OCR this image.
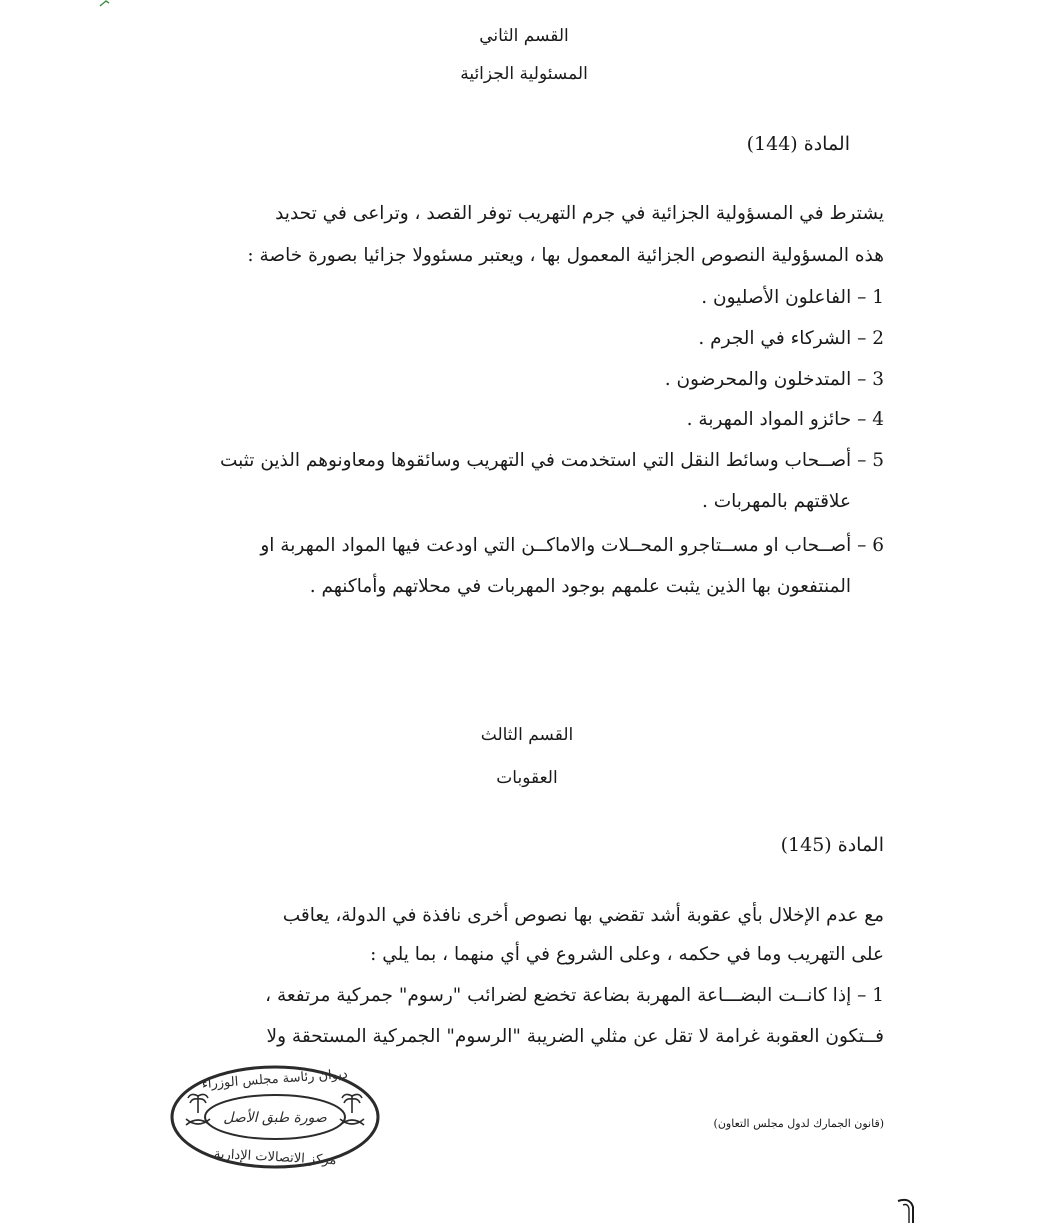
القسم الثاني
المسئولية الجزائية
المادة (144)
يشترط في المسؤولية الجزائية في جرم التهريب توفر القصد ، وتراعى في تحديد
هذه المسؤولية النصوص الجزائية المعمول بها ، ويعتبر مسئوولا جزائيا بصورة خاصة :
1 – الفاعلون الأصليون .
2 – الشركاء في الجرم .
3 – المتدخلون والمحرضون .
4 – حائزو المواد المهربة .
5 – أصــحاب وسائط النقل التي استخدمت في التهريب وسائقوها ومعاونوهم الذين تثبت
علاقتهم بالمهربات .
6 – أصــحاب او مســتاجرو المحــلات والاماكــن التي اودعت فيها المواد المهربة او
المنتفعون بها الذين يثبت علمهم بوجود المهربات في محلاتهم وأماكنهم .
القسم الثالث
العقوبات
المادة (145)
مع عدم الإخلال بأي عقوبة أشد تقضي بها نصوص أخرى نافذة في الدولة، يعاقب
على التهريب وما في حكمه ، وعلى الشروع في أي منهما ، بما يلي :
1 – إذا كانــت البضـــاعة المهربة بضاعة تخضع لضرائب "رسوم" جمركية مرتفعة ،
فــتكون العقوبة غرامة لا تقل عن مثلي الضريبة "الرسوم" الجمركية المستحقة ولا
ديوان رئاسة مجلس الوزراء
صورة طبق الأصل
مركز الاتصالات الإدارية
(قانون الجمارك لدول مجلس التعاون)
